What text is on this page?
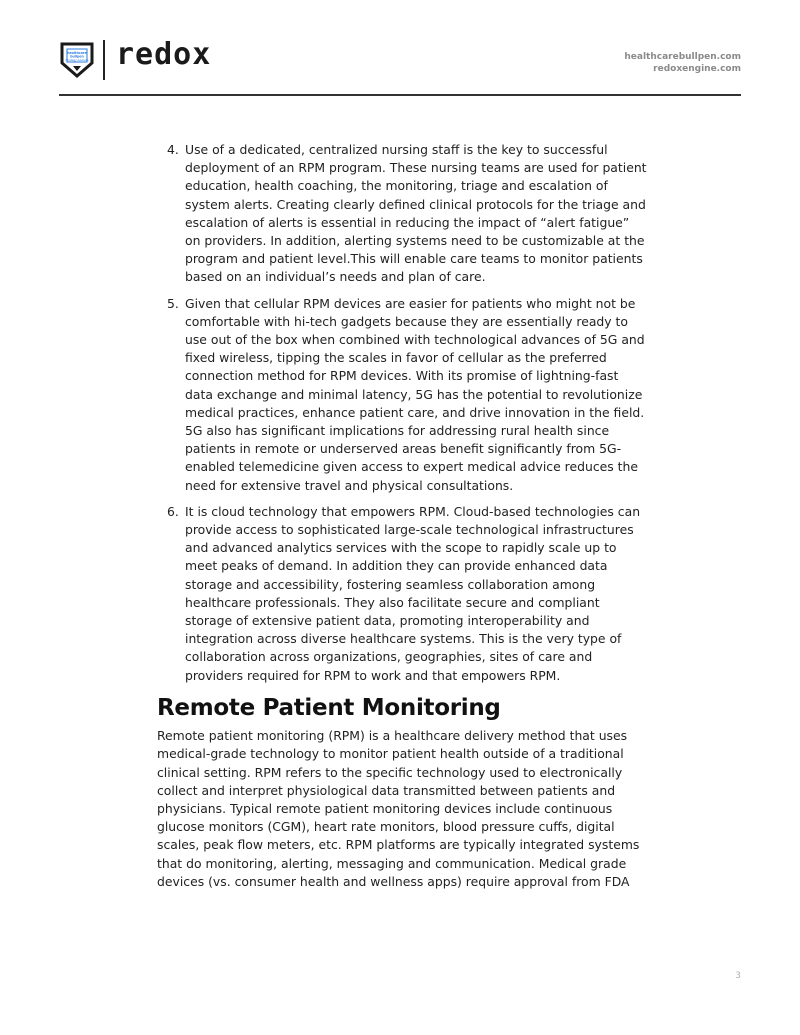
healthcare
bullpen
Strategy Advisors redox	healthcarebullpen.com
redoxengine.com
4. Use of a dedicated, centralized nursing staff is the key to successful deployment of an RPM program. These nursing teams are used for patient education, health coaching, the monitoring, triage and escalation of system alerts. Creating clearly defined clinical protocols for the triage and escalation of alerts is essential in reducing the impact of “alert fatigue” on providers. In addition, alerting systems need to be customizable at the program and patient level.This will enable care teams to monitor patients based on an individual’s needs and plan of care.
5. Given that cellular RPM devices are easier for patients who might not be comfortable with hi-tech gadgets because they are essentially ready to use out of the box when combined with technological advances of 5G and fixed wireless, tipping the scales in favor of cellular as the preferred connection method for RPM devices. With its promise of lightning-fast data exchange and minimal latency, 5G has the potential to revolutionize medical practices, enhance patient care, and drive innovation in the field. 5G also has significant implications for addressing rural health since patients in remote or underserved areas benefit significantly from 5G-enabled telemedicine given access to expert medical advice reduces the need for extensive travel and physical consultations.
6. It is cloud technology that empowers RPM. Cloud-based technologies can provide access to sophisticated large-scale technological infrastructures and advanced analytics services with the scope to rapidly scale up to meet peaks of demand. In addition they can provide enhanced data storage and accessibility, fostering seamless collaboration among healthcare professionals. They also facilitate secure and compliant storage of extensive patient data, promoting interoperability and integration across diverse healthcare systems. This is the very type of collaboration across organizations, geographies, sites of care and providers required for RPM to work and that empowers RPM.
Remote Patient Monitoring

Remote patient monitoring (RPM) is a healthcare delivery method that uses medical-grade technology to monitor patient health outside of a traditional clinical setting. RPM refers to the specific technology used to electronically collect and interpret physiological data transmitted between patients and physicians. Typical remote patient monitoring devices include continuous glucose monitors (CGM), heart rate monitors, blood pressure cuffs, digital scales, peak flow meters, etc. RPM platforms are typically integrated systems that do monitoring, alerting, messaging and communication. Medical grade devices (vs. consumer health and wellness apps) require approval from FDA

3
